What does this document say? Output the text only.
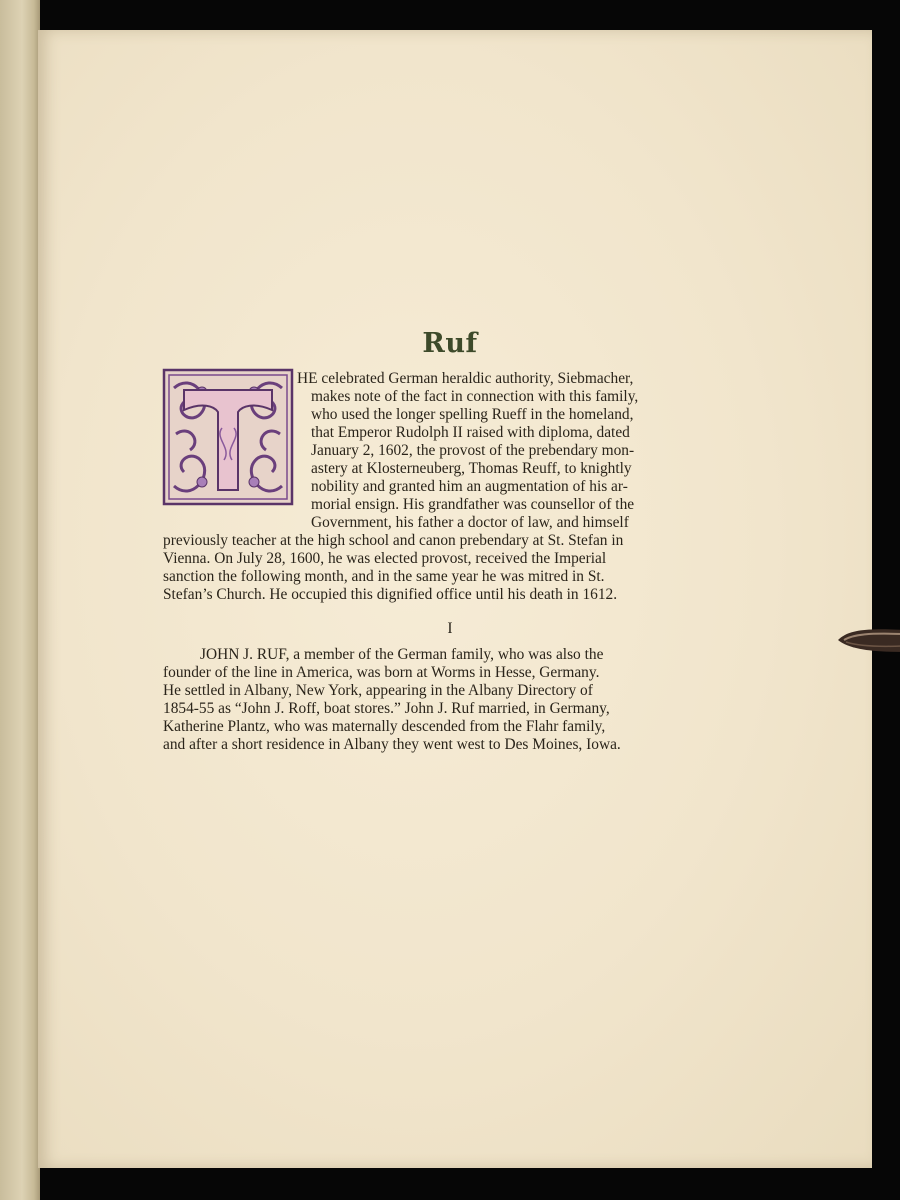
Ruf
HE celebrated German heraldic authority, Siebmacher,
makes note of the fact in connection with this family,
who used the longer spelling Rueff in the homeland,
that Emperor Rudolph II raised with diploma, dated
January 2, 1602, the provost of the prebendary mon-
astery at Klosterneuberg, Thomas Reuff, to knightly
nobility and granted him an augmentation of his ar-
morial ensign. His grandfather was counsellor of the
Government, his father a doctor of law, and himself
previously teacher at the high school and canon prebendary at St. Stefan in
Vienna. On July 28, 1600, he was elected provost, received the Imperial
sanction the following month, and in the same year he was mitred in St.
Stefan’s Church. He occupied this dignified office until his death in 1612.
I
JOHN J. RUF, a member of the German family, who was also the
founder of the line in America, was born at Worms in Hesse, Germany.
He settled in Albany, New York, appearing in the Albany Directory of
1854-55 as “John J. Roff, boat stores.” John J. Ruf married, in Germany,
Katherine Plantz, who was maternally descended from the Flahr family,
and after a short residence in Albany they went west to Des Moines, Iowa.
